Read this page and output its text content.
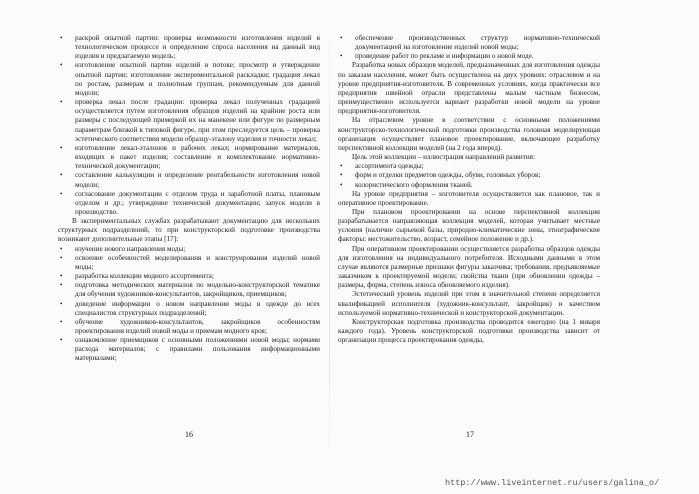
• раскрой опытной партии: проверка возможности изготовления изделий в технологическом процессе и определение спроса населения на данный вид изделия и предлагаемую модель;
• изготовление опытной партии изделий в потоке; просмотр и утверждение опытной партии; изготовление экспериментальной раскладки; градация лекал по ростам, размерам и полнотным группам, рекомендуемым для данной модели;
• проверка лекал после градации: проверка лекал полученных градацией осуществляется путем изготовления образцов изделий на крайние роста или размеры с последующей примеркой их на манекене или фигуре по размерным параметрам близкой к типовой фигуре, при этом преследуется цель – проверка эстетического соответствия модели образцу-эталону изделия и точности лекал;
• изготовление лекал-эталонов и рабочих лекал; нормирование материалов, входящих в пакет изделия; составление и комплектование нормативно-технической документации;
• составление калькуляции и определение рентабельности изготовления новой модели;
• согласование документации с отделом труда и заработной платы, плановым отделом и др.; утверждение технической документации; запуск модели в производство.

В экспериментальных службах разрабатывают документацию для нескольких структурных подразделений, то при конструкторской подготовке производства возникают дополнительные этапы [17]:

• изучение нового направления моды;
• освоение особенностей моделирования и конструирования изделий новой моды;
• разработка коллекции модного ассортимента;
• подготовка методических материалов по модельно-конструкторской тематике для обучения художников-консультантов, закройщиков, приемщиков;
• доведение информации о новом направлении моды в одежде до всех специалистов структурных подразделений;
• обучение художников-консультантов, закройщиков особенностям проектирования изделий новой моды и приемам модного кроя;
• ознакомление приемщиков с основными положениями новой моды; нормами расхода материалов; с правилами пользования информационными материалами;
16
• обеспечение производственных структур нормативно-технической документацией на изготовление изделий новой моды;
• проведение работ по рекламе и информации о новой моде.

Разработка новых образцов моделей, предназначенных для изготовления одежды по заказам населения, может быть осуществлена на двух уровнях: отраслевом и на уровне предприятия-изготовителя. В современных условиях, когда практически все предприятия швейной отрасли представлены малым частным бизнесом, преимущественно используется вариант разработки новой модели на уровне предприятия-изготовителя.

На отраслевом уровне в соответствии с основными положениями конструкторско-технологической подготовки производства головная моделирующая организация осуществляет плановое проектирование, включающее разработку перспективной коллекции моделей (на 2 года вперед).

Цель этой коллекции – иллюстрация направлений развития:

• ассортимента одежды;
• форм и отделки предметов одежды, обуви, головных уборов;
• колористического оформления тканей.

На уровне предприятия – изготовителя осуществляется как плановое, так и оперативное проектирование.

При плановом проектировании на основе перспективной коллекции разрабатывается направляющая коллекция моделей, которая учитывает местные условия (наличие сырьевой базы, природно-климатические зоны, этнографические факторы: местожительство, возраст, семейное положение и др.).

При оперативном проектировании осуществляется разработка образцов одежды для изготовления на индивидуального потребителя. Исходными данными в этом случае являются размерные признаки фигуры заказчика; требования, предъявляемые заказчиком к проектируемой модели; свойства ткани (при обновлении одежды – размеры, форма, степень износа обновляемого изделия).

Эстетический уровень изделий при этом в значительной степени определяется квалификацией исполнителя (художник-консультант, закройщик) и качеством используемой нормативно-технической и конструкторской документации.

Конструкторская подготовка производства проводится ежегодно (на 1 января каждого года). Уровень конструкторской подготовки производства зависит от организации процесса проектирования одежды,

17
http://www.liveinternet.ru/users/galina_o/
